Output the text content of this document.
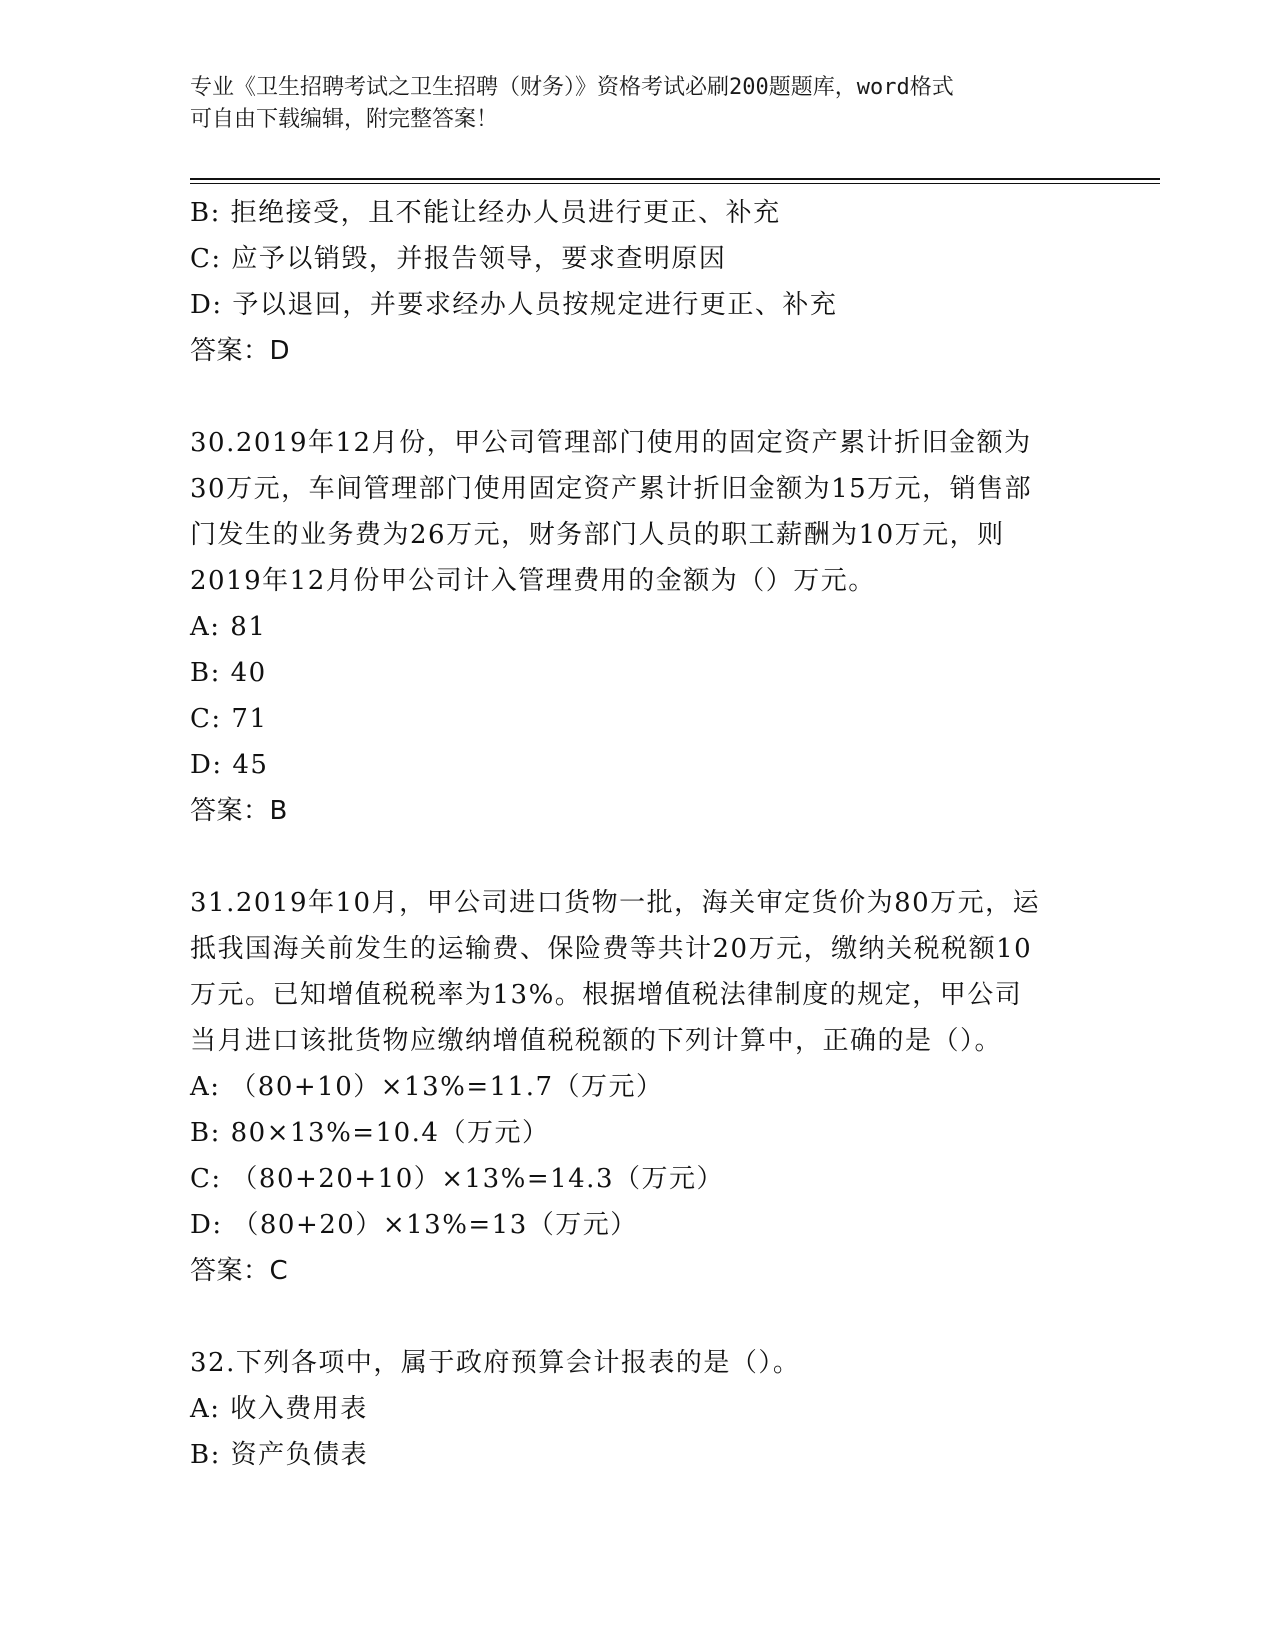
专业《卫生招聘考试之卫生招聘（财务）》资格考试必刷200题题库，word格式
可自由下载编辑，附完整答案！
B: 拒绝接受，且不能让经办人员进行更正、补充
C: 应予以销毁，并报告领导，要求查明原因
D: 予以退回，并要求经办人员按规定进行更正、补充
答案：D
30.2019年12月份，甲公司管理部门使用的固定资产累计折旧金额为
30万元，车间管理部门使用固定资产累计折旧金额为15万元，销售部
门发生的业务费为26万元，财务部门人员的职工薪酬为10万元，则
2019年12月份甲公司计入管理费用的金额为（）万元。
A: 81
B: 40
C: 71
D: 45
答案：B
31.2019年10月，甲公司进口货物一批，海关审定货价为80万元，运
抵我国海关前发生的运输费、保险费等共计20万元，缴纳关税税额10
万元。已知增值税税率为13%。根据增值税法律制度的规定，甲公司
当月进口该批货物应缴纳增值税税额的下列计算中，正确的是（）。
A: （80+10）×13%=11.7（万元）
B: 80×13%=10.4（万元）
C: （80+20+10）×13%=14.3（万元）
D: （80+20）×13%=13（万元）
答案：C
32.下列各项中，属于政府预算会计报表的是（）。
A: 收入费用表
B: 资产负债表
